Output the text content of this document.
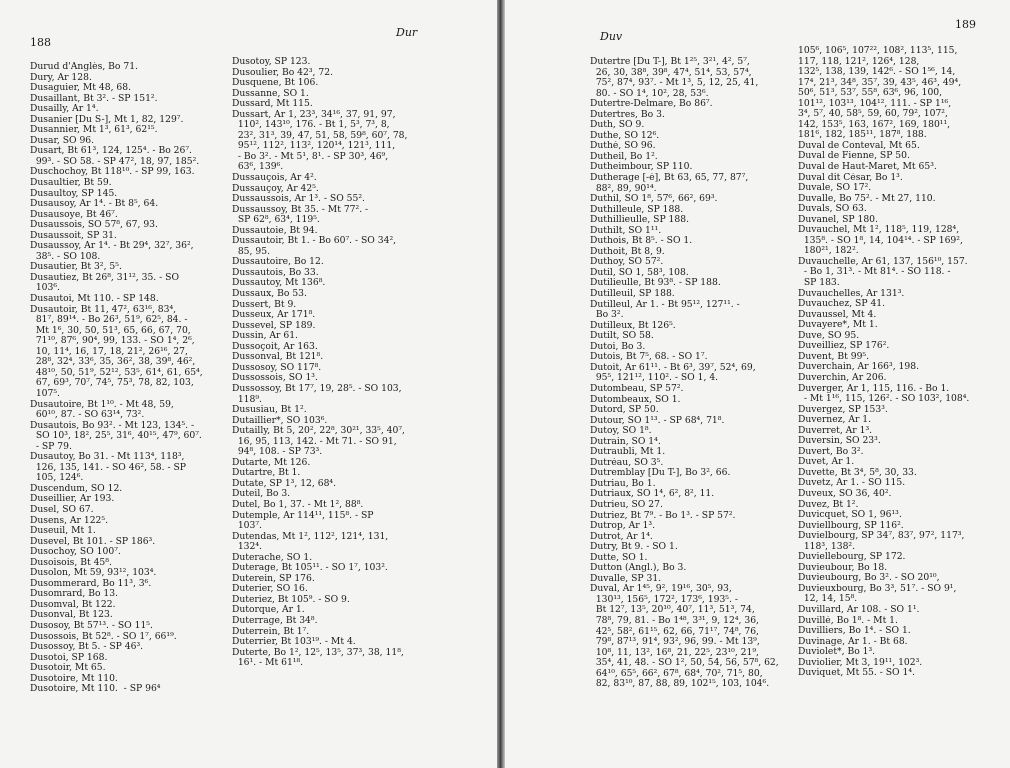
188
Dur
Durud d'Anglès, Bo 71.
Dury, Ar 128.
Dusaguier, Mt 48, 68.
Dusaillant, Bt 3². - SP 151².
Dusailly, Ar 1⁴.
Dusanier [Du S-], Mt 1, 82, 129⁷.
Dusannier, Mt 1³, 61³, 62¹⁵.
Dusar, SO 96.
Dusart, Bt 61³, 124, 125⁴. - Bo 26⁷.
99³. - SO 58. - SP 47², 18, 97, 185².
Duschochoy, Bt 118¹⁰. - SP 99, 163.
Dusaultier, Bt 59.
Dusaultoy, SP 145.
Dusausoy, Ar 1⁴. - Bt 8⁵, 64.
Dusausoye, Bt 46⁷.
Dusaussois, SO 57⁸, 67, 93.
Dusaussoit, SP 31.
Dusaussoy, Ar 1⁴. - Bt 29⁴, 32⁷, 36²,
38⁵. - SO 108.
Dusautier, Bt 3², 5⁵.
Dusautiez, Bt 26⁸, 31¹², 35. - SO
103⁶.
Dusautoi, Mt 110. - SP 148.
Dusautoir, Bt 11, 47², 63¹⁶, 83⁴,
81⁷, 89¹⁴. - Bo 26³, 51⁹, 62⁵, 84. -
Mt 1⁶, 30, 50, 51³, 65, 66, 67, 70,
71¹⁰, 87⁶, 90⁴, 99, 133. - SO 1⁴, 2⁶,
10, 11⁴, 16, 17, 18, 21², 26¹⁶, 27,
28⁸, 32⁴, 33⁶, 35, 36², 38, 39⁸, 46²,
48¹⁰, 50, 51⁹, 52¹², 53⁵, 61⁴, 61, 65⁴,
67, 69³, 70⁷, 74⁵, 75³, 78, 82, 103,
107⁵.
Dusautoire, Bt 1¹⁰. - Mt 48, 59,
60¹⁰, 87. - SO 63¹⁴, 73².
Dusautois, Bo 93². - Mt 123, 134⁵. -
SO 10³, 18², 25⁵, 31⁶, 40¹⁵, 47⁹, 60⁷.
- SP 79.
Dusautoy, Bo 31. - Mt 113⁴, 118³,
126, 135, 141. - SO 46², 58. - SP
105, 124⁶.
Duscendum, SO 12.
Duseillier, Ar 193.
Dusel, SO 67.
Dusens, Ar 122⁵.
Duseuil, Mt 1.
Dusevel, Bt 101. - SP 186³.
Dusochoy, SO 100⁷.
Dusoisois, Bt 45⁸.
Dusolon, Mt 59, 93¹², 103⁴.
Dusommerard, Bo 11³, 3⁶.
Dusomrard, Bo 13.
Dusomval, Bt 122.
Dusonval, Bt 123.
Dusosoy, Bt 57¹³. - SO 11⁵.
Dusossois, Bt 52⁸. - SO 1⁷, 66¹⁹.
Dusossoy, Bt 5. - SP 46³.
Dusotoi, SP 168.
Dusotoir, Mt 65.
Dusotoire, Mt 110.
Dusotoire, Mt 110.  - SP 96⁴
Dusotoy, SP 123.
Dusoulier, Bo 42³, 72.
Dusquene, Bt 106.
Dussanne, SO 1.
Dussard, Mt 115.
Dussart, Ar 1, 23³, 34¹⁶, 37, 91, 97,
110², 143¹⁰, 176. - Bt 1, 5³, 7³, 8,
23², 31³, 39, 47, 51, 58, 59⁸, 60⁷, 78,
95¹², 112², 113², 120¹⁴, 121³, 111,
- Bo 3². - Mt 5¹, 8¹. - SP 30³, 46⁹,
63⁶, 139⁶.
Dussauçois, Ar 4².
Dussauçoy, Ar 42⁵.
Dussaussois, Ar 1³. - SO 55².
Dussaussoy, Bt 35. - Mt 77². -
SP 62⁸, 63⁴, 119⁵.
Dussautoie, Bt 94.
Dussautoir, Bt 1. - Bo 60⁷. - SO 34²,
85, 95.
Dussautoire, Bo 12.
Dussautois, Bo 33.
Dussautoy, Mt 136⁸.
Dussaux, Bo 53.
Dussert, Bt 9.
Dusseux, Ar 171⁸.
Dussevel, SP 189.
Dussin, Ar 61.
Dussoçoit, Ar 163.
Dussonval, Bt 121⁸.
Dussosoy, SO 117⁸.
Dussossois, SO 1³.
Dussossoy, Bt 17⁷, 19, 28⁵. - SO 103,
118⁹.
Dususiau, Bt 1².
Dutaillier*, SO 103⁶.
Dutailly, Bt 5, 20², 22⁸, 30²¹, 33⁵, 40⁷,
16, 95, 113, 142. - Mt 71. - SO 91,
94⁸, 108. - SP 73³.
Dutarte, Mt 126.
Dutartre, Bt 1.
Dutate, SP 1³, 12, 68⁴.
Duteil, Bo 3.
Dutel, Bo 1, 37. - Mt 1², 88⁸.
Dutemple, Ar 114¹¹, 115⁸. - SP
103⁷.
Dutendas, Mt 1², 112², 121⁴, 131,
132⁴.
Duterache, SO 1.
Duterage, Bt 105¹¹. - SO 1⁷, 103².
Duterein, SP 176.
Duterier, SO 16.
Duteriez, Bt 105⁹. - SO 9.
Dutorque, Ar 1.
Duterrage, Bt 34⁸.
Duterrein, Bt 1⁷.
Duterrier, Bt 103¹⁹. - Mt 4.
Duterte, Bo 1², 12⁵, 13⁵, 37³, 38, 11⁸,
16¹. - Mt 61¹⁸.
189
Duv
Dutertre [Du T-], Bt 1²⁵, 3²¹, 4², 5⁷,
26, 30, 38⁸, 39⁸, 47⁴, 51⁴, 53, 57⁴,
75², 87⁴, 93⁷. - Mt 1³, 5, 12, 25, 41,
80. - SO 1⁴, 10², 28, 53⁶.
Dutertre-Delmare, Bo 86⁷.
Dutertres, Bo 3.
Duth, SO 9.
Duthe, SO 12⁶.
Duthé, SO 96.
Dutheil, Bo 1².
Dutheimbour, SP 110.
Dutherage [-é], Bt 63, 65, 77, 87⁷,
88², 89, 90¹⁴.
Duthil, SO 1⁸, 57⁶, 66², 69³.
Duthilleule, SP 188.
Duthillieulle, SP 188.
Duthilt, SO 1¹¹.
Duthois, Bt 8⁵. - SO 1.
Duthoit, Bt 8, 9.
Duthoy, SO 57².
Dutil, SO 1, 58³, 108.
Dutilieulle, Bt 93⁸. - SP 188.
Dutilleuil, SP 188.
Dutilleul, Ar 1. - Bt 95¹², 127¹¹. -
Bo 3².
Dutilleux, Bt 126⁵.
Dutilt, SO 58.
Dutoi, Bo 3.
Dutois, Bt 7⁵, 68. - SO 1⁷.
Dutoit, Ar 61¹¹. - Bt 6³, 39⁷, 52⁴, 69,
95⁵, 121¹², 110². - SO 1, 4.
Dutombeau, SP 57².
Dutombeaux, SO 1.
Dutord, SP 50.
Dutour, SO 1¹³. - SP 68⁴, 71⁸.
Dutoy, SO 1⁸.
Dutrain, SO 1⁴.
Dutraubli, Mt 1.
Dutréau, SO 3⁵.
Dutremblay [Du T-], Bo 3², 66.
Dutriau, Bo 1.
Dutriaux, SO 1⁴, 6², 8², 11.
Dutrieu, SO 27.
Dutriez, Bt 7⁹. - Bo 1³. - SP 57².
Dutrop, Ar 1³.
Dutrot, Ar 1⁴.
Dutry, Bt 9. - SO 1.
Dutte, SO 1.
Dutton (Angl.), Bo 3.
Duvalle, SP 31.
Duval, Ar 1⁴⁵, 9², 19¹⁶, 30⁵, 93,
130¹³, 156⁵, 172², 173⁶, 193⁵. -
Bt 12⁷, 13⁵, 20¹⁰, 40⁷, 11³, 51³, 74,
78⁸, 79, 81. - Bo 1⁴⁸, 3³¹, 9, 12⁴, 36,
42⁵, 58², 61¹⁵, 62, 66, 71¹⁷, 74⁸, 76,
79⁸, 87¹³, 91⁴, 93², 96, 99. - Mt 13⁹,
10⁸, 11, 13², 16⁸, 21, 22⁵, 23¹⁰, 21⁹,
35⁴, 41, 48. - SO 1², 50, 54, 56, 57⁸, 62,
64¹⁰, 65⁵, 66², 67⁸, 68⁴, 70², 71⁵, 80,
82, 83¹⁰, 87, 88, 89, 102¹⁵, 103, 104⁶.
105⁶, 106⁵, 107²², 108², 113⁵, 115,
117, 118, 121², 126⁴, 128,
132⁵, 138, 139, 142⁶. - SO 1⁵⁶, 14,
17⁴, 21³, 34⁸, 35⁷, 39, 43⁵, 46³, 49⁴,
50⁶, 51³, 53⁷, 55⁸, 63⁶, 96, 100,
101¹², 103¹³, 104¹², 111. - SP 1¹⁶,
3⁴, 5⁷, 40, 58⁵, 59, 60, 79², 107²,
142, 153⁵, 163, 167², 169, 180¹¹,
181⁶, 182, 185¹¹, 187⁸, 188.
Duval de Conteval, Mt 65.
Duval de Fienne, SP 50.
Duval de Haut-Maret, Mt 65³.
Duval dit César, Bo 1³.
Duvale, SO 17².
Duvalle, Bo 75². - Mt 27, 110.
Duvals, SO 63.
Duvanel, SP 180.
Duvauchel, Mt 1², 118⁵, 119, 128⁴,
135⁸. - SO 1⁸, 14, 104¹⁴. - SP 169²,
180²¹, 182².
Duvauchelle, Ar 61, 137, 156¹⁰, 157.
- Bo 1, 31³. - Mt 81⁴. - SO 118. -
SP 183.
Duvauchelles, Ar 131³.
Duvauchez, SP 41.
Duvaussel, Mt 4.
Duvayere*, Mt 1.
Duve, SO 95.
Duveilliez, SP 176².
Duvent, Bt 99⁵.
Duverchain, Ar 166³, 198.
Duverchin, Ar 206.
Duverger, Ar 1, 115, 116. - Bo 1.
- Mt 1¹⁶, 115, 126². - SO 103², 108⁴.
Duvergez, SP 153³.
Duvernez, Ar 1.
Duverret, Ar 1³.
Duversin, SO 23³.
Duvert, Bo 3².
Duvet, Ar 1.
Duvette, Bt 3⁴, 5⁸, 30, 33.
Duvetz, Ar 1. - SO 115.
Duveux, SO 36, 40².
Duvez, Bt 1².
Duvicquet, SO 1, 96¹³.
Duviellbourg, SP 116².
Duvielbourg, SP 34⁷, 83⁷, 97², 117³,
118³, 138².
Duviellebourg, SP 172.
Duvieubour, Bo 18.
Duvieubourg, Bo 3². - SO 20¹⁰,
Duvieuxbourg, Bo 3³, 51⁷. - SO 9¹,
12, 14, 15⁸.
Duvillard, Ar 108. - SO 1¹.
Duvillé, Bo 1⁸. - Mt 1.
Duvilliers, Bo 1⁴. - SO 1.
Duvinage, Ar 1. - Bt 68.
Duviolet*, Bo 1³.
Duviolier, Mt 3, 19¹¹, 102³.
Duviquet, Mt 55. - SO 1⁴.
